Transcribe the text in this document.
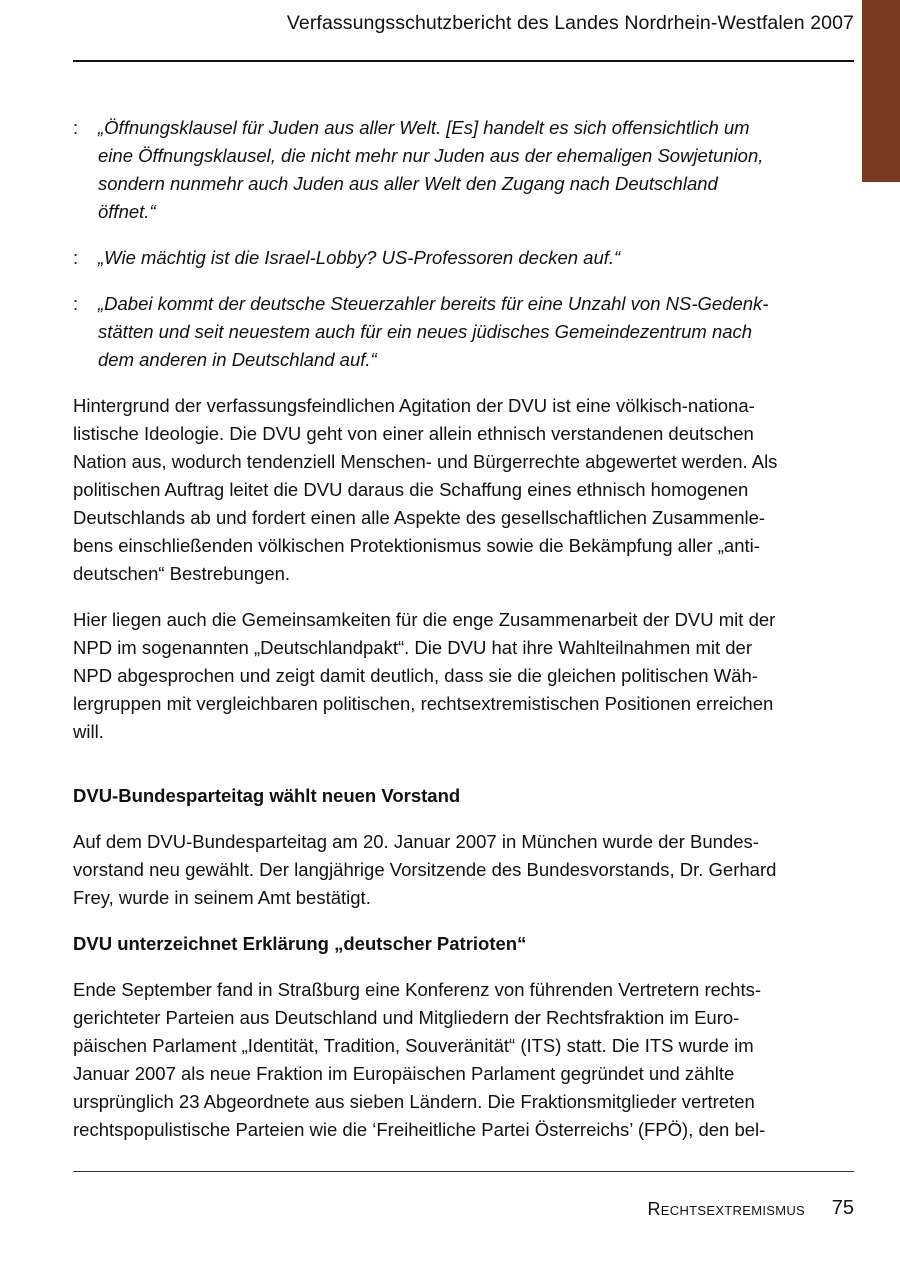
Verfassungsschutzbericht des Landes Nordrhein-Westfalen 2007
: „Öffnungsklausel für Juden aus aller Welt. [Es] handelt es sich offensichtlich um
eine Öffnungsklausel, die nicht mehr nur Juden aus der ehemaligen Sowjetunion,
sondern nunmehr auch Juden aus aller Welt den Zugang nach Deutschland
öffnet.“
: „Wie mächtig ist die Israel-Lobby? US-Professoren decken auf.“
: „Dabei kommt der deutsche Steuerzahler bereits für eine Unzahl von NS-Gedenk-
stätten und seit neuestem auch für ein neues jüdisches Gemeindezentrum nach
dem anderen in Deutschland auf.“
Hintergrund der verfassungsfeindlichen Agitation der DVU ist eine völkisch-nationa-
listische Ideologie. Die DVU geht von einer allein ethnisch verstandenen deutschen
Nation aus, wodurch tendenziell Menschen- und Bürgerrechte abgewertet werden. Als
politischen Auftrag leitet die DVU daraus die Schaffung eines ethnisch homogenen
Deutschlands ab und fordert einen alle Aspekte des gesellschaftlichen Zusammenle-
bens einschließenden völkischen Protektionismus sowie die Bekämpfung aller „anti-
deutschen“ Bestrebungen.
Hier liegen auch die Gemeinsamkeiten für die enge Zusammenarbeit der DVU mit der
NPD im sogenannten „Deutschlandpakt“. Die DVU hat ihre Wahlteilnahmen mit der
NPD abgesprochen und zeigt damit deutlich, dass sie die gleichen politischen Wäh-
lergruppen mit vergleichbaren politischen, rechtsextremistischen Positionen erreichen
will.
DVU-Bundesparteitag wählt neuen Vorstand
Auf dem DVU-Bundesparteitag am 20. Januar 2007 in München wurde der Bundes-
vorstand neu gewählt. Der langjährige Vorsitzende des Bundesvorstands, Dr. Gerhard
Frey, wurde in seinem Amt bestätigt.
DVU unterzeichnet Erklärung „deutscher Patrioten“
Ende September fand in Straßburg eine Konferenz von führenden Vertretern rechts-
gerichteter Parteien aus Deutschland und Mitgliedern der Rechtsfraktion im Euro-
päischen Parlament „Identität, Tradition, Souveränität“ (ITS) statt. Die ITS wurde im
Januar 2007 als neue Fraktion im Europäischen Parlament gegründet und zählte
ursprünglich 23 Abgeordnete aus sieben Ländern. Die Fraktionsmitglieder vertreten
rechtspopulistische Parteien wie die ‘Freiheitliche Partei Österreichs’ (FPÖ), den bel-
Rechtsextremismus 75
